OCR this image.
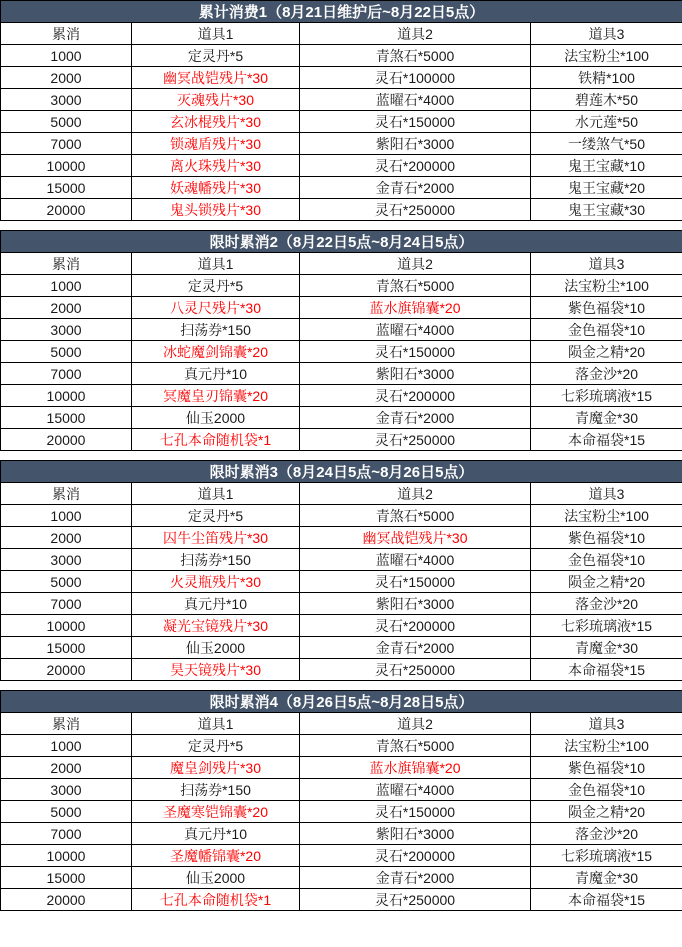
累计消费1（8月21日维护后~8月22日5点）			
累消	道具1	道具2	道具3
1000	定灵丹*5	青煞石*5000	法宝粉尘*100
2000	幽冥战铠残片*30	灵石*100000	铁精*100
3000	灭魂残片*30	蓝曜石*4000	碧莲木*50
5000	玄冰棍残片*30	灵石*150000	水元莲*50
7000	锁魂盾残片*30	紫阳石*3000	一缕煞气*50
10000	离火珠残片*30	灵石*200000	鬼王宝藏*10
15000	妖魂幡残片*30	金青石*2000	鬼王宝藏*20
20000	鬼头锁残片*30	灵石*250000	鬼王宝藏*30
限时累消2（8月22日5点~8月24日5点）			
累消	道具1	道具2	道具3
1000	定灵丹*5	青煞石*5000	法宝粉尘*100
2000	八灵尺残片*30	蓝水旗锦囊*20	紫色福袋*10
3000	扫荡券*150	蓝曜石*4000	金色福袋*10
5000	冰蛇魔剑锦囊*20	灵石*150000	陨金之精*20
7000	真元丹*10	紫阳石*3000	落金沙*20
10000	冥魔皇刃锦囊*20	灵石*200000	七彩琉璃液*15
15000	仙玉2000	金青石*2000	青魔金*30
20000	七孔本命随机袋*1	灵石*250000	本命福袋*15
限时累消3（8月24日5点~8月26日5点）			
累消	道具1	道具2	道具3
1000	定灵丹*5	青煞石*5000	法宝粉尘*100
2000	囚牛尘笛残片*30	幽冥战铠残片*30	紫色福袋*10
3000	扫荡券*150	蓝曜石*4000	金色福袋*10
5000	火灵瓶残片*30	灵石*150000	陨金之精*20
7000	真元丹*10	紫阳石*3000	落金沙*20
10000	凝光宝镜残片*30	灵石*200000	七彩琉璃液*15
15000	仙玉2000	金青石*2000	青魔金*30
20000	昊天镜残片*30	灵石*250000	本命福袋*15
限时累消4（8月26日5点~8月28日5点）			
累消	道具1	道具2	道具3
1000	定灵丹*5	青煞石*5000	法宝粉尘*100
2000	魔皇剑残片*30	蓝水旗锦囊*20	紫色福袋*10
3000	扫荡券*150	蓝曜石*4000	金色福袋*10
5000	圣魔寒铠锦囊*20	灵石*150000	陨金之精*20
7000	真元丹*10	紫阳石*3000	落金沙*20
10000	圣魔幡锦囊*20	灵石*200000	七彩琉璃液*15
15000	仙玉2000	金青石*2000	青魔金*30
20000	七孔本命随机袋*1	灵石*250000	本命福袋*15
